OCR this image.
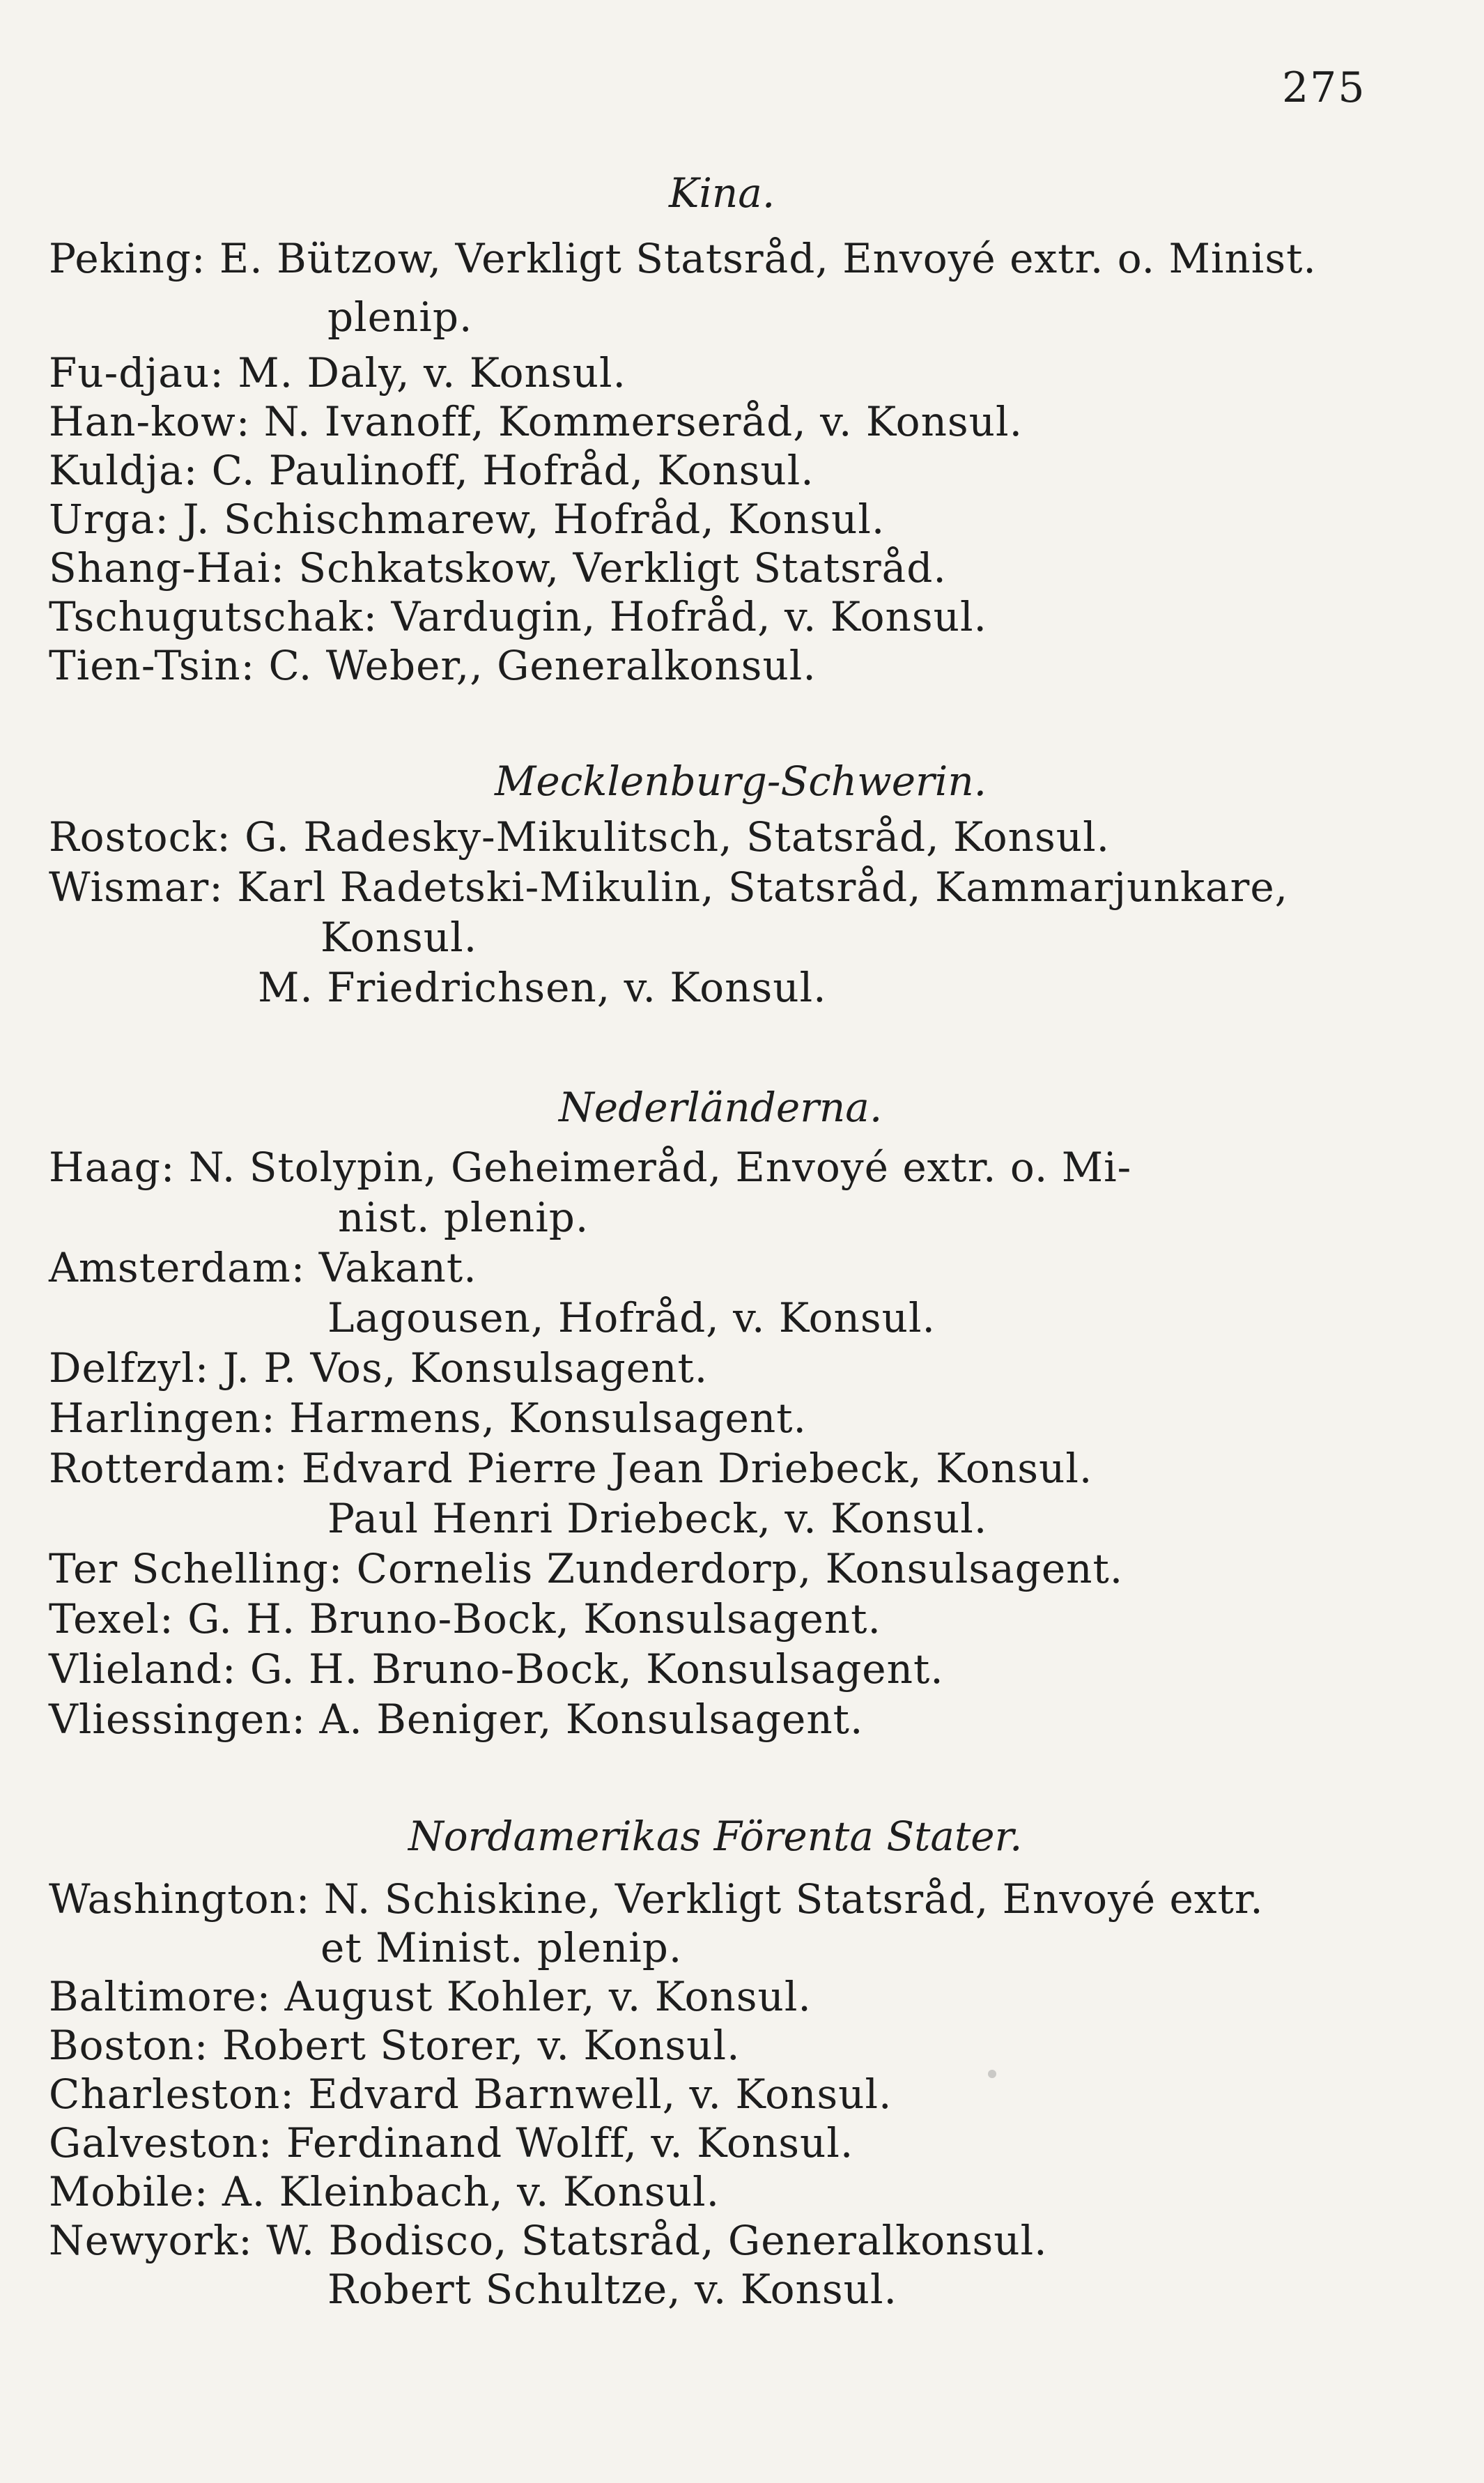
275
Kina.
Peking: E. Bützow, Verkligt Statsråd, Envoyé extr. o. Minist.
plenip.
Fu-djau: M. Daly, v. Konsul.
Han-kow: N. Ivanoff, Kommerseråd, v. Konsul.
Kuldja: C. Paulinoff, Hofråd, Konsul.
Urga: J. Schischmarew, Hofråd, Konsul.
Shang-Hai: Schkatskow, Verkligt Statsråd.
Tschugutschak: Vardugin, Hofråd, v. Konsul.
Tien-Tsin: C. Weber,, Generalkonsul.
Mecklenburg-Schwerin.
Rostock: G. Radesky-Mikulitsch, Statsråd, Konsul.
Wismar: Karl Radetski-Mikulin, Statsråd, Kammarjunkare,
Konsul.
M. Friedrichsen, v. Konsul.
Nederländerna.
Haag: N. Stolypin, Geheimeråd, Envoyé extr. o. Mi-
nist. plenip.
Amsterdam: Vakant.
Lagousen, Hofråd, v. Konsul.
Delfzyl: J. P. Vos, Konsulsagent.
Harlingen: Harmens, Konsulsagent.
Rotterdam: Edvard Pierre Jean Driebeck, Konsul.
Paul Henri Driebeck, v. Konsul.
Ter Schelling: Cornelis Zunderdorp, Konsulsagent.
Texel: G. H. Bruno-Bock, Konsulsagent.
Vlieland: G. H. Bruno-Bock, Konsulsagent.
Vliessingen: A. Beniger, Konsulsagent.
Nordamerikas Förenta Stater.
Washington: N. Schiskine, Verkligt Statsråd, Envoyé extr.
et Minist. plenip.
Baltimore: August Kohler, v. Konsul.
Boston: Robert Storer, v. Konsul.
Charleston: Edvard Barnwell, v. Konsul.
Galveston: Ferdinand Wolff, v. Konsul.
Mobile: A. Kleinbach, v. Konsul.
Newyork: W. Bodisco, Statsråd, Generalkonsul.
Robert Schultze, v. Konsul.
